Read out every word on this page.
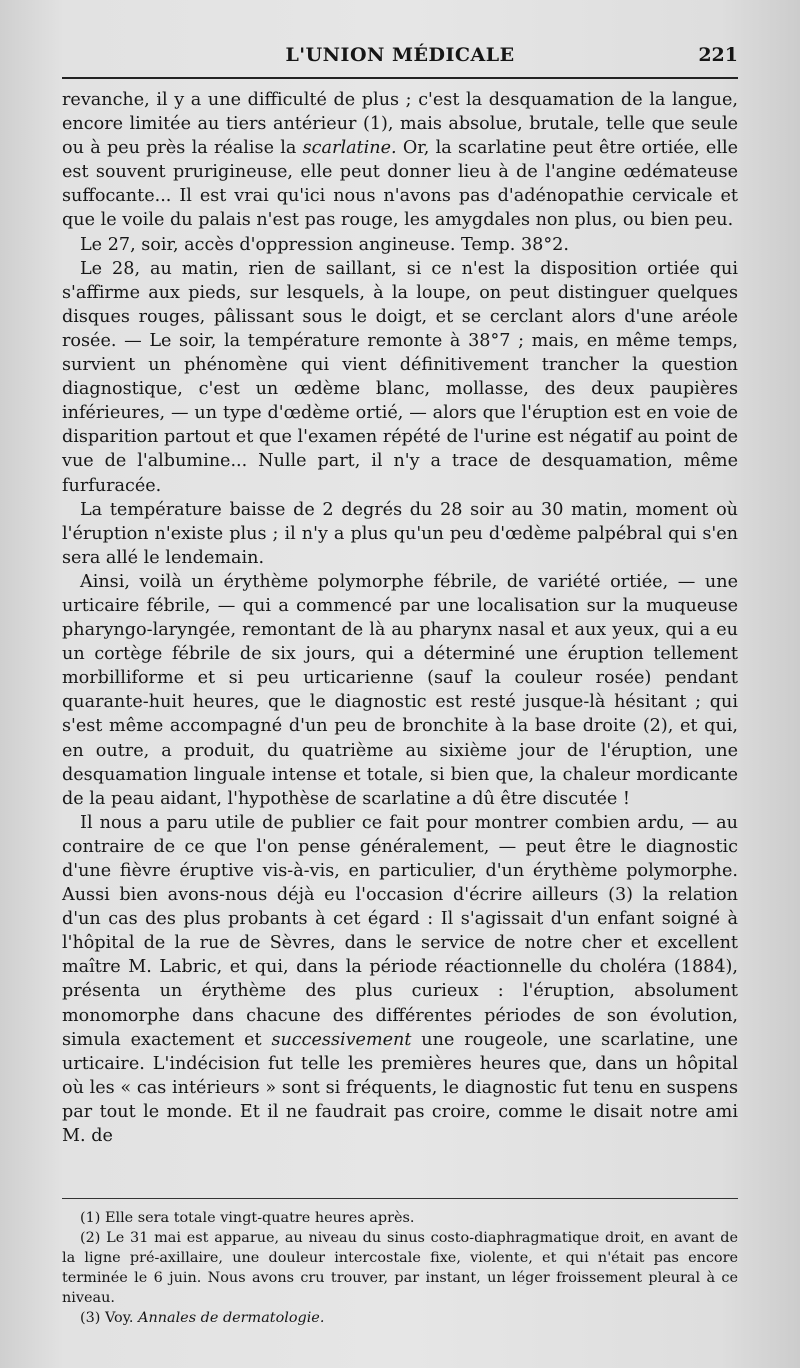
L'UNION MÉDICALE	221

revanche, il y a une difficulté de plus ; c'est la desquamation de la langue, encore limitée au tiers antérieur (1), mais absolue, brutale, telle que seule ou à peu près la réalise la scarlatine. Or, la scarlatine peut être ortiée, elle est souvent prurigineuse, elle peut donner lieu à de l'angine œdémateuse suffocante... Il est vrai qu'ici nous n'avons pas d'adénopathie cervicale et que le voile du palais n'est pas rouge, les amygdales non plus, ou bien peu.

Le 27, soir, accès d'oppression angineuse. Temp. 38°2.

Le 28, au matin, rien de saillant, si ce n'est la disposition ortiée qui s'affirme aux pieds, sur lesquels, à la loupe, on peut distinguer quelques disques rouges, pâlissant sous le doigt, et se cerclant alors d'une aréole rosée. — Le soir, la température remonte à 38°7 ; mais, en même temps, survient un phénomène qui vient définitivement trancher la question diagnostique, c'est un œdème blanc, mollasse, des deux paupières inférieures, — un type d'œdème ortié, — alors que l'éruption est en voie de disparition partout et que l'examen répété de l'urine est négatif au point de vue de l'albumine... Nulle part, il n'y a trace de desquamation, même furfuracée.

La température baisse de 2 degrés du 28 soir au 30 matin, moment où l'éruption n'existe plus ; il n'y a plus qu'un peu d'œdème palpébral qui s'en sera allé le lendemain.

Ainsi, voilà un érythème polymorphe fébrile, de variété ortiée, — une urticaire fébrile, — qui a commencé par une localisation sur la muqueuse pharyngo-laryngée, remontant de là au pharynx nasal et aux yeux, qui a eu un cortège fébrile de six jours, qui a déterminé une éruption tellement morbilliforme et si peu urticarienne (sauf la couleur rosée) pendant quarante-huit heures, que le diagnostic est resté jusque-là hésitant ; qui s'est même accompagné d'un peu de bronchite à la base droite (2), et qui, en outre, a produit, du quatrième au sixième jour de l'éruption, une desquamation linguale intense et totale, si bien que, la chaleur mordicante de la peau aidant, l'hypothèse de scarlatine a dû être discutée !

Il nous a paru utile de publier ce fait pour montrer combien ardu, — au contraire de ce que l'on pense généralement, — peut être le diagnostic d'une fièvre éruptive vis-à-vis, en particulier, d'un érythème polymorphe. Aussi bien avons-nous déjà eu l'occasion d'écrire ailleurs (3) la relation d'un cas des plus probants à cet égard : Il s'agissait d'un enfant soigné à l'hôpital de la rue de Sèvres, dans le service de notre cher et excellent maître M. Labric, et qui, dans la période réactionnelle du choléra (1884), présenta un érythème des plus curieux : l'éruption, absolument monomorphe dans chacune des différentes périodes de son évolution, simula exactement et successivement une rougeole, une scarlatine, une urticaire. L'indécision fut telle les premières heures que, dans un hôpital où les « cas intérieurs » sont si fréquents, le diagnostic fut tenu en suspens par tout le monde. Et il ne faudrait pas croire, comme le disait notre ami M. de

(1) Elle sera totale vingt-quatre heures après.

(2) Le 31 mai est apparue, au niveau du sinus costo-diaphragmatique droit, en avant de la ligne pré-axillaire, une douleur intercostale fixe, violente, et qui n'était pas encore terminée le 6 juin. Nous avons cru trouver, par instant, un léger froissement pleural à ce niveau.

(3) Voy. Annales de dermatologie.
